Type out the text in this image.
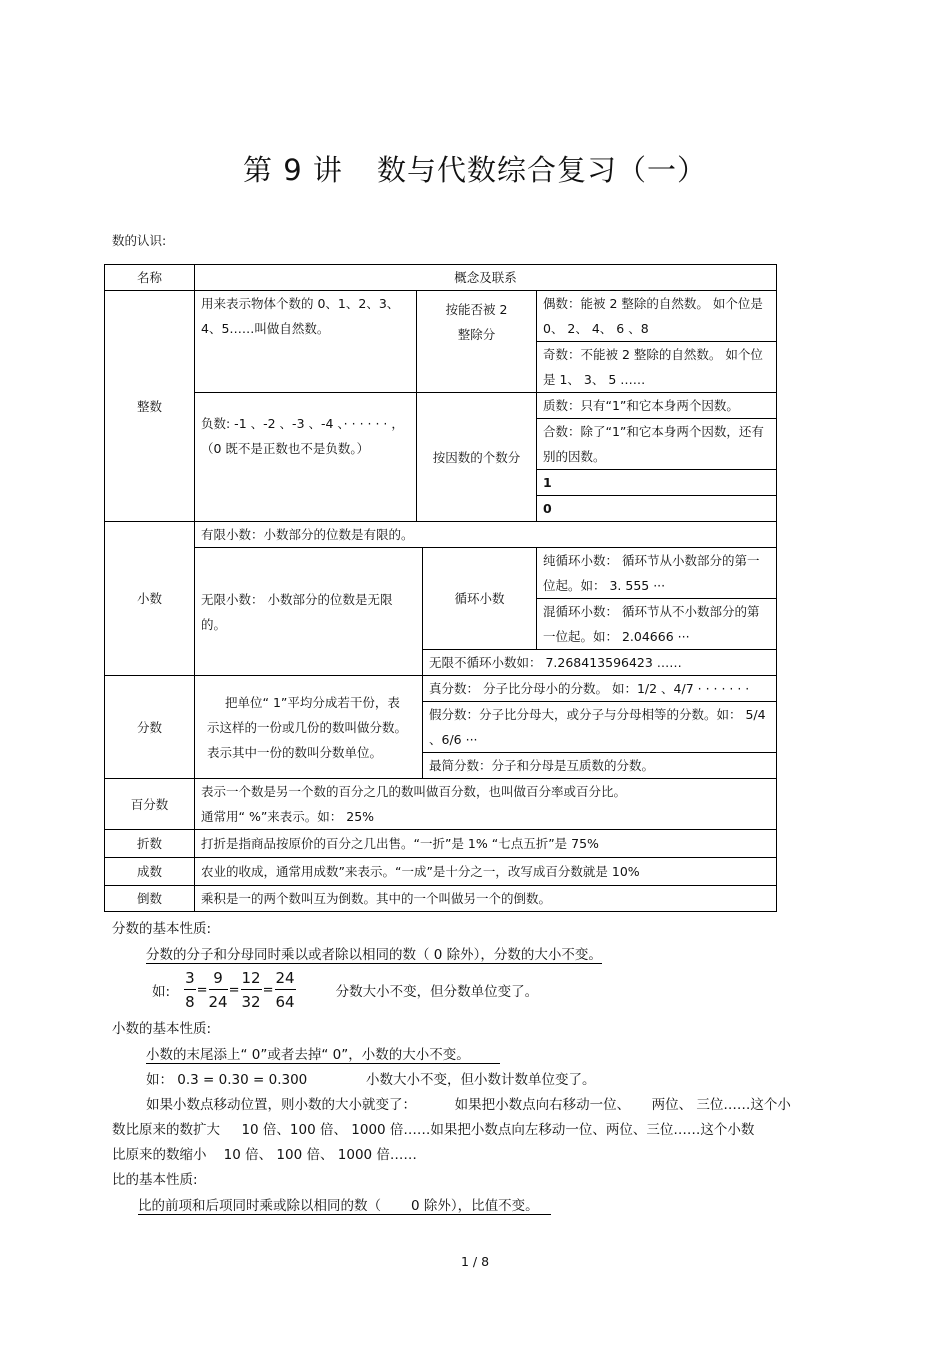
第 9 讲 数与代数综合复习（一）
数的认识:
名称	概念及联系			
整数	用来表示物体个数的 0、1、2、3、4、5……叫做自然数。	按能否被 2 整除分		偶数：能被 2 整除的自然数。 如个位是 0、 2、 4、 6 、8
				奇数：不能被 2 整除的自然数。 如个位是 1、 3、 5 ……
	负数: -1 、-2 、-3 、-4 、· · · · · · ，（0 既不是正数也不是负数。）	按因数的个数分		质数：只有“1”和它本身两个因数。
				合数：除了“1”和它本身两个因数，还有别的因数。
				1
				0
小数	有限小数：小数部分的位数是有限的。			
	无限小数： 小数部分的位数是无限的。		循环小数	纯循环小数： 循环节从小数部分的第一位起。如： 3. 555 ···
				混循环小数： 循环节从不小数部分的第一位起。如： 2.04666 ···
			无限不循环小数如： 7.268413596423 ……	
分数	把单位“ 1”平均分成若干份，表示这样的一份或几份的数叫做分数。表示其中一份的数叫分数单位。		真分数： 分子比分母小的分数。 如：1/2 、4/7 · · · · · · ·	
			假分数：分子比分母大，或分子与分母相等的分数。如： 5/4 、6/6 ···	
			最简分数：分子和分母是互质数的分数。	
百分数	表示一个数是另一个数的百分之几的数叫做百分数，也叫做百分率或百分比。
通常用“ %”来表示。如： 25%			

折数	打折是指商品按原价的百分之几出售。“一折”是 1% “七点五折”是 75%			
成数	农业的收成，通常用成数”来表示。“一成”是十分之一，改写成百分数就是 10%			
倒数	乘积是一的两个数叫互为倒数。其中的一个叫做另一个的倒数。			
分数的基本性质:
分数的分子和分母同时乘以或者除以相同的数（ 0 除外），分数的大小不变。
如: $\frac{3}{8} = \frac{9}{24} = \frac{12}{32} = \frac{24}{64}$	分数大小不变，但分数单位变了。
小数的基本性质:
小数的末尾添上“ 0”或者去掉“ 0”，小数的大小不变。
如： 0.3 = 0.30 = 0.300	小数大小不变，但小数计数单位变了。
如果小数点移动位置，则小数的大小就变了：         如果把小数点向右移动一位、     两位、 三位……这个小
数比原来的数扩大     10 倍、100 倍、 1000 倍……如果把小数点向左移动一位、两位、三位……这个小数
比原来的数缩小    10 倍、 100 倍、 1000 倍……
比的基本性质:
比的前项和后项同时乘或除以相同的数（       0 除外），比值不变。
1 / 8
